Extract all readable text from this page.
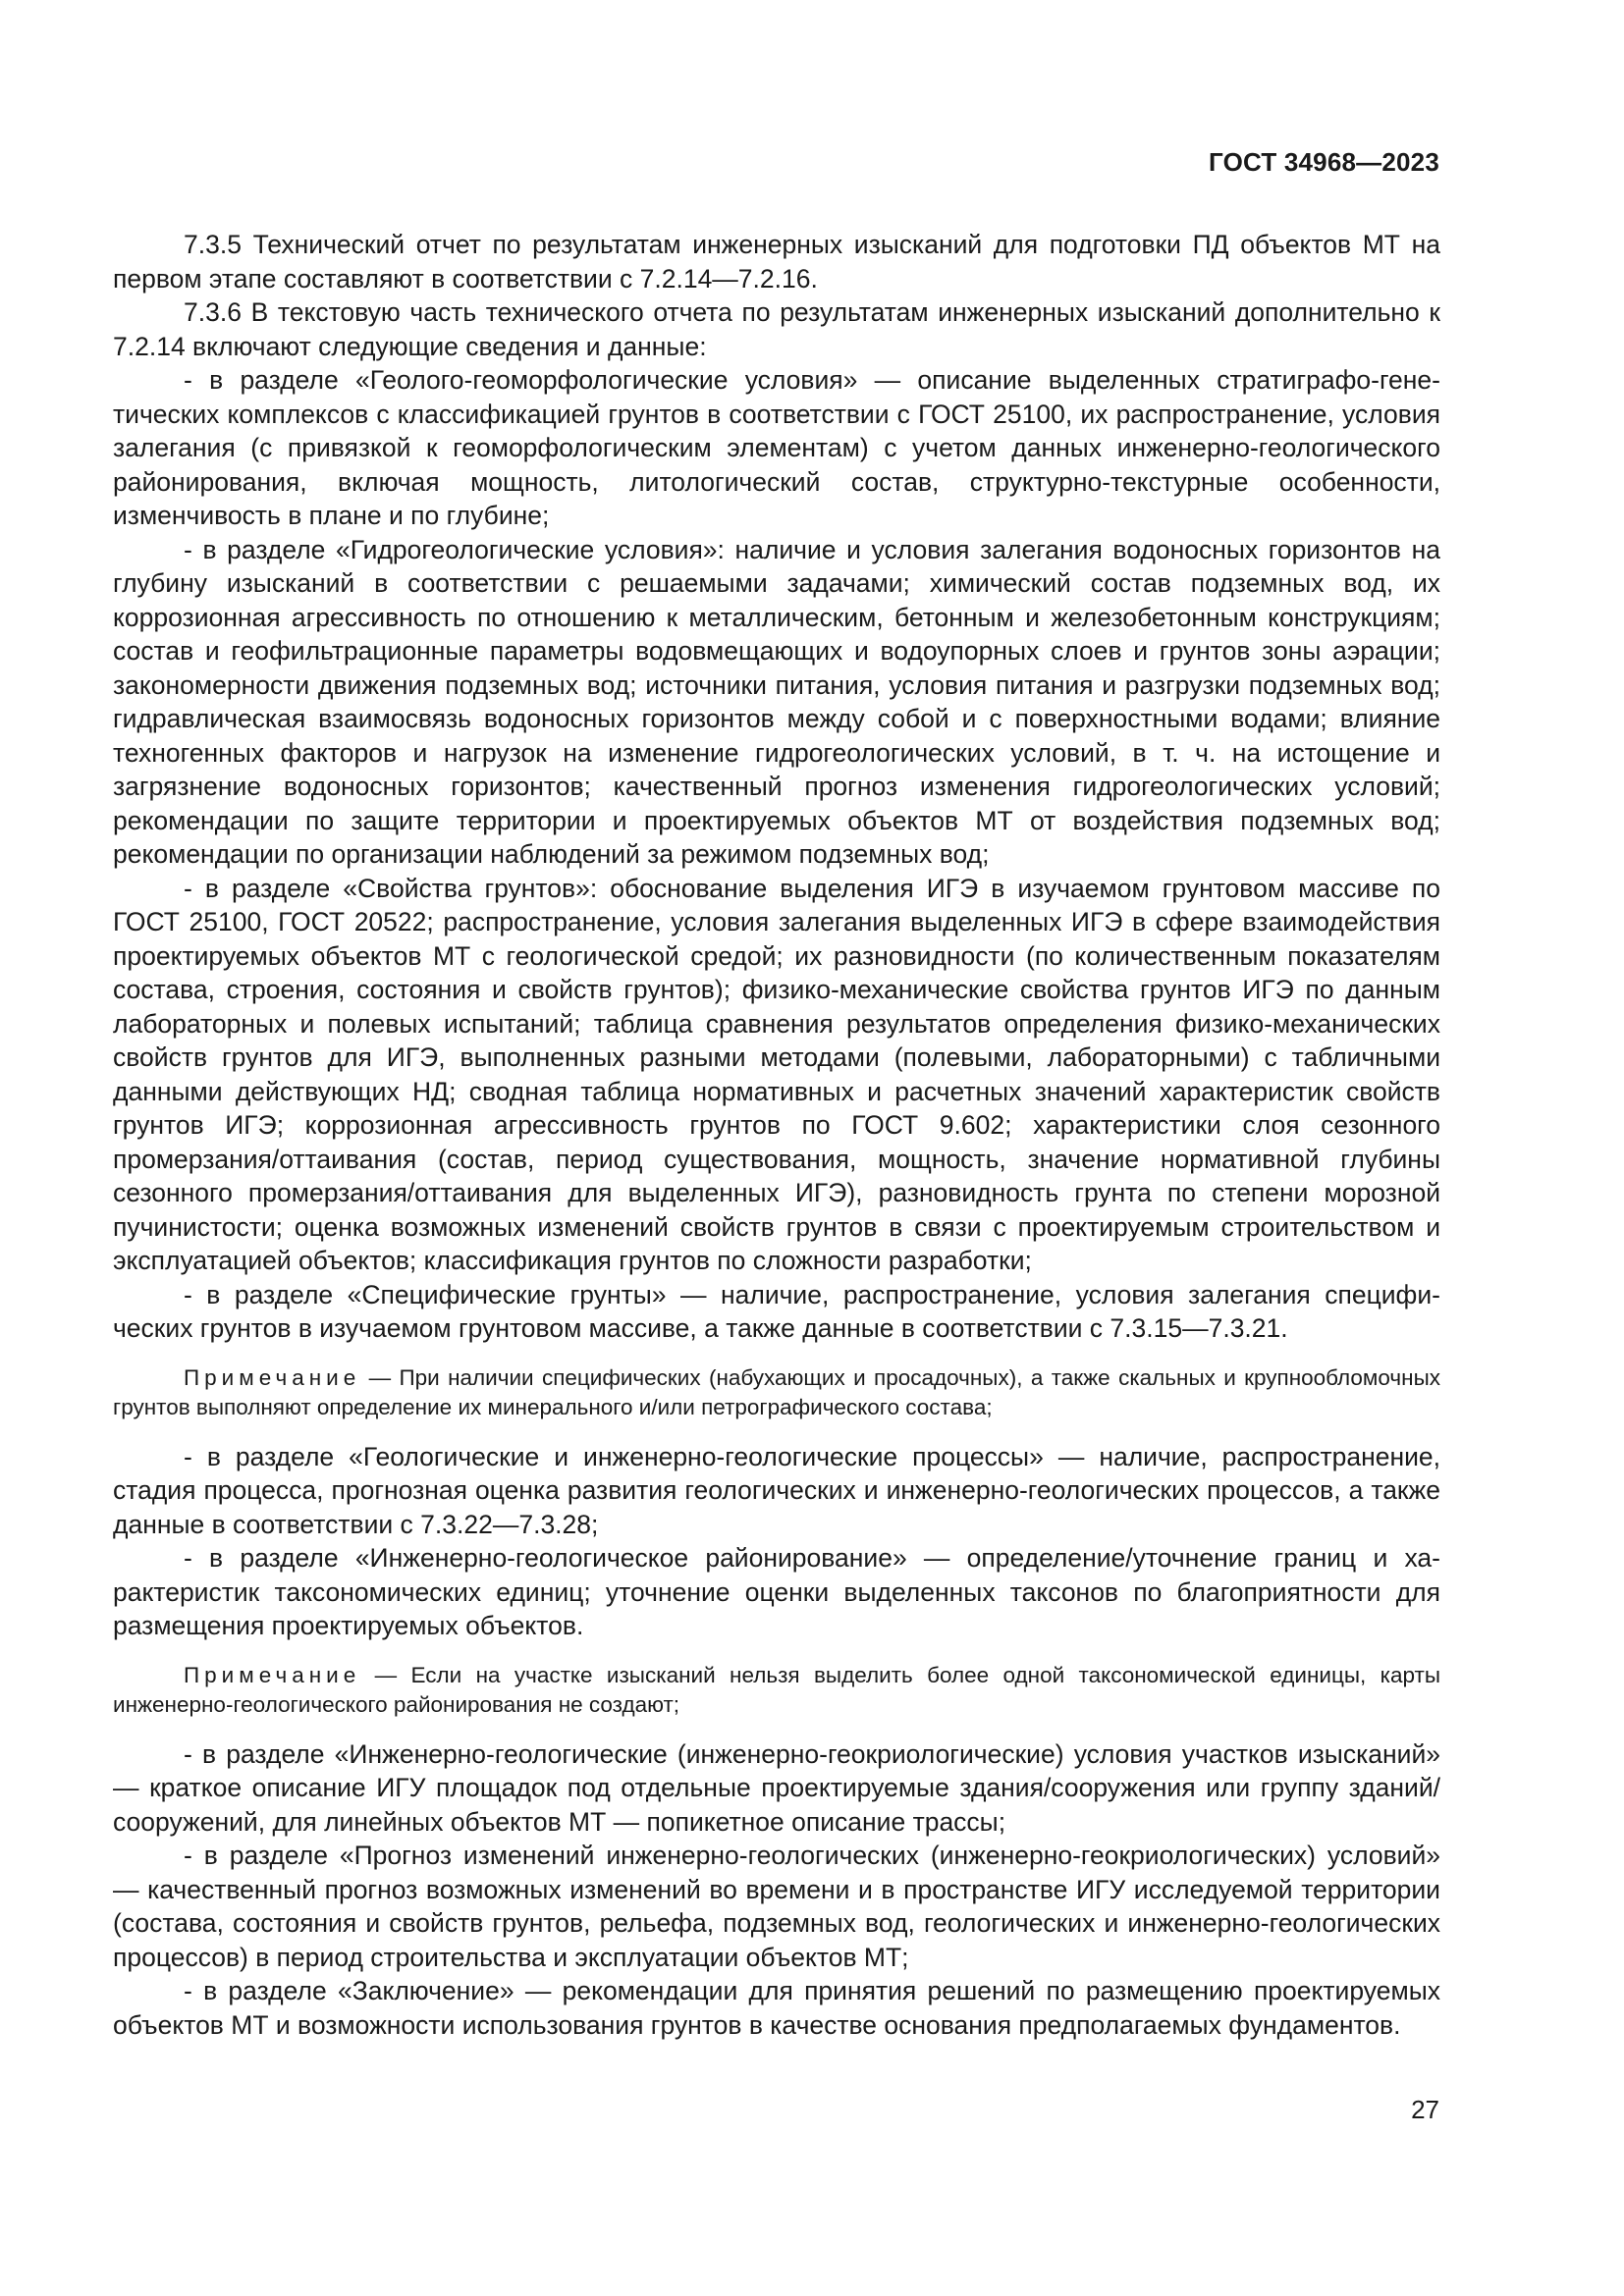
ГОСТ 34968—2023

7.3.5 Технический отчет по результатам инженерных изысканий для подготовки ПД объектов МТ на первом этапе составляют в соответствии с 7.2.14—7.2.16.

7.3.6 В текстовую часть технического отчета по результатам инженерных изысканий дополнительно к 7.2.14 включают следующие сведения и данные:

- в разделе «Геолого-геоморфологические условия» — описание выделенных стратиграфо-генетических комплексов с классификацией грунтов в соответствии с ГОСТ 25100, их распространение, условия залегания (с привязкой к геоморфологическим элементам) с учетом данных инженерно-геологического районирования, включая мощность, литологический состав, структурно-текстурные особенности, изменчивость в плане и по глубине;

- в разделе «Гидрогеологические условия»: наличие и условия залегания водоносных горизонтов на глубину изысканий в соответствии с решаемыми задачами; химический состав подземных вод, их коррозионная агрессивность по отношению к металлическим, бетонным и железобетонным конструкциям; состав и геофильтрационные параметры водовмещающих и водоупорных слоев и грунтов зоны аэрации; закономерности движения подземных вод; источники питания, условия питания и разгрузки подземных вод; гидравлическая взаимосвязь водоносных горизонтов между собой и с поверхностными водами; влияние техногенных факторов и нагрузок на изменение гидрогеологических условий, в т. ч. на истощение и загрязнение водоносных горизонтов; качественный прогноз изменения гидрогеологических условий; рекомендации по защите территории и проектируемых объектов МТ от воздействия подземных вод; рекомендации по организации наблюдений за режимом подземных вод;

- в разделе «Свойства грунтов»: обоснование выделения ИГЭ в изучаемом грунтовом массиве по ГОСТ 25100, ГОСТ 20522; распространение, условия залегания выделенных ИГЭ в сфере взаимодействия проектируемых объектов МТ с геологической средой; их разновидности (по количественным показателям состава, строения, состояния и свойств грунтов); физико-механические свойства грунтов ИГЭ по данным лабораторных и полевых испытаний; таблица сравнения результатов определения физико-механических свойств грунтов для ИГЭ, выполненных разными методами (полевыми, лабораторными) с табличными данными действующих НД; сводная таблица нормативных и расчетных значений характеристик свойств грунтов ИГЭ; коррозионная агрессивность грунтов по ГОСТ 9.602; характеристики слоя сезонного промерзания/оттаивания (состав, период существования, мощность, значение нормативной глубины сезонного промерзания/оттаивания для выделенных ИГЭ), разновидность грунта по степени морозной пучинистости; оценка возможных изменений свойств грунтов в связи с проектируемым строительством и эксплуатацией объектов; классификация грунтов по сложности разработки;

- в разделе «Специфические грунты» — наличие, распространение, условия залегания специфических грунтов в изучаемом грунтовом массиве, а также данные в соответствии с 7.3.15—7.3.21.

Примечание — При наличии специфических (набухающих и просадочных), а также скальных и крупнообломочных грунтов выполняют определение их минерального и/или петрографического состава;

- в разделе «Геологические и инженерно-геологические процессы» — наличие, распространение, стадия процесса, прогнозная оценка развития геологических и инженерно-геологических процессов, а также данные в соответствии с 7.3.22—7.3.28;

- в разделе «Инженерно-геологическое районирование» — определение/уточнение границ и характеристик таксономических единиц; уточнение оценки выделенных таксонов по благоприятности для размещения проектируемых объектов.

Примечание — Если на участке изысканий нельзя выделить более одной таксономической единицы, карты инженерно-геологического районирования не создают;

- в разделе «Инженерно-геологические (инженерно-геокриологические) условия участков изысканий» — краткое описание ИГУ площадок под отдельные проектируемые здания/сооружения или группу зданий/сооружений, для линейных объектов МТ — попикетное описание трассы;

- в разделе «Прогноз изменений инженерно-геологических (инженерно-геокриологических) условий» — качественный прогноз возможных изменений во времени и в пространстве ИГУ исследуемой территории (состава, состояния и свойств грунтов, рельефа, подземных вод, геологических и инженерно-геологических процессов) в период строительства и эксплуатации объектов МТ;

- в разделе «Заключение» — рекомендации для принятия решений по размещению проектируемых объектов МТ и возможности использования грунтов в качестве основания предполагаемых фундаментов.

27
